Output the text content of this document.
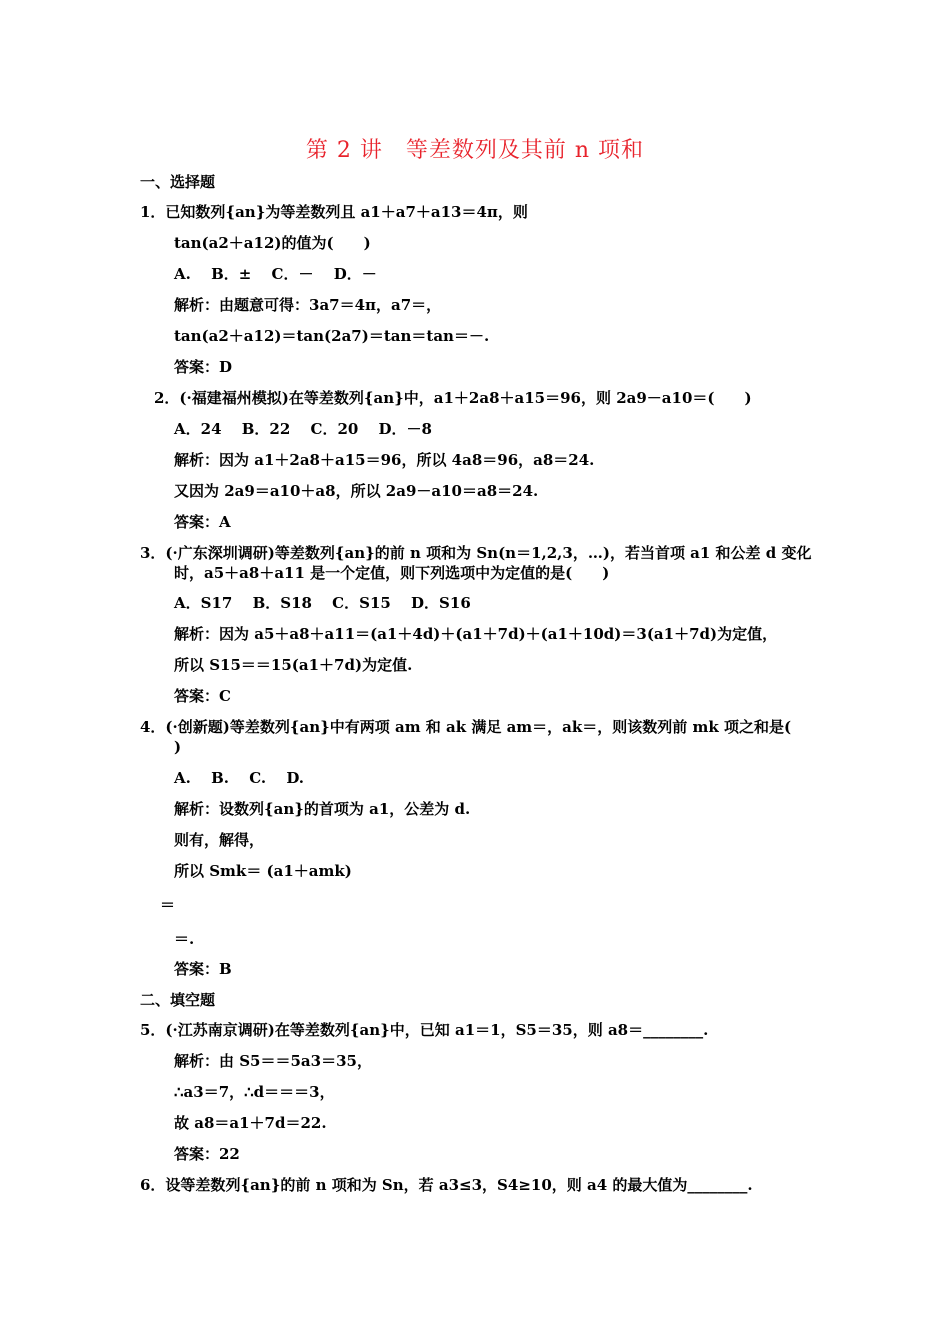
第 2 讲　等差数列及其前 n 项和
一、选择题
1．已知数列{an}为等差数列且 a1＋a7＋a13＝4π，则
tan(a2＋a12)的值为(　　)
A.　 B．±　 C．－　 D．－
解析：由题意可得：3a7＝4π，a7＝，
tan(a2＋a12)＝tan(2a7)＝tan＝tan＝－.
答案：D
2．(·福建福州模拟)在等差数列{an}中，a1＋2a8＋a15＝96，则 2a9－a10＝(　　)
A．24　 B．22　 C．20　 D．－8
解析：因为 a1＋2a8＋a15＝96，所以 4a8＝96，a8＝24.
又因为 2a9＝a10＋a8，所以 2a9－a10＝a8＝24.
答案：A
3．(·广东深圳调研)等差数列{an}的前 n 项和为 Sn(n＝1,2,3，…)，若当首项 a1 和公差 d 变化
时，a5＋a8＋a11 是一个定值，则下列选项中为定值的是(　　)
A．S17　 B．S18　 C．S15　 D．S16
解析：因为 a5＋a8＋a11＝(a1＋4d)＋(a1＋7d)＋(a1＋10d)＝3(a1＋7d)为定值，
所以 S15＝＝15(a1＋7d)为定值.
答案：C
4．(·创新题)等差数列{an}中有两项 am 和 ak 满足 am＝，ak＝，则该数列前 mk 项之和是(
)
A.　 B.　 C.　 D.
解析：设数列{an}的首项为 a1，公差为 d.
则有，解得，
所以 Smk＝ (a1＋amk)
＝
＝.
答案：B
二、填空题
5．(·江苏南京调研)在等差数列{an}中，已知 a1＝1，S5＝35，则 a8＝________.
解析：由 S5＝＝5a3＝35，
∴a3＝7，∴d＝＝＝3，
故 a8＝a1＋7d＝22.
答案：22
6．设等差数列{an}的前 n 项和为 Sn，若 a3≤3，S4≥10，则 a4 的最大值为________.
